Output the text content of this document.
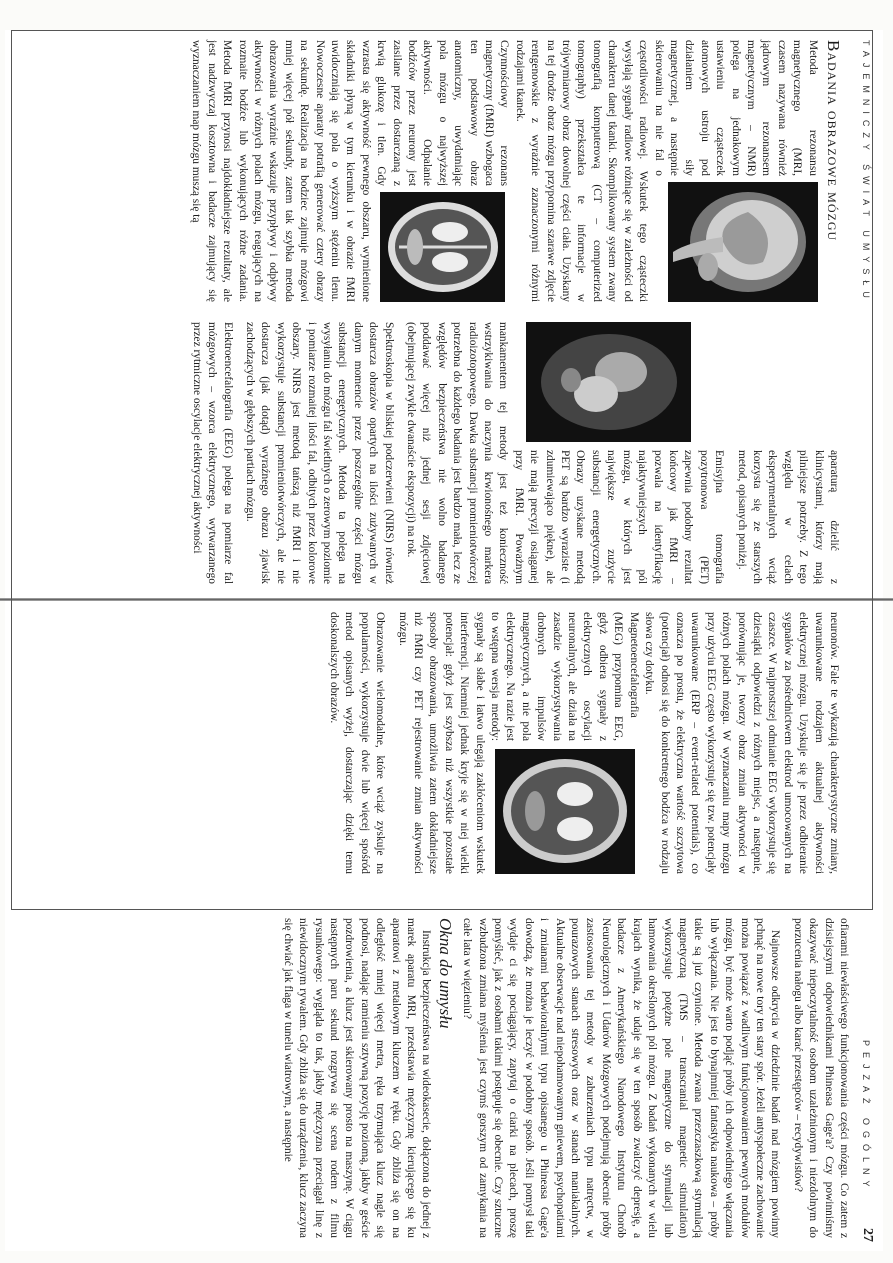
TAJEMNICZY ŚWIAT UMYSŁU
PEJZAŻ OGÓLNY
27
Badania obrazowe mózgu

Metoda rezonansu magnetycznego (MRI, czasem nazywana również jądrowym rezonansem magnetycznym – NMR) polega na jednakowym ustawieniu cząsteczek atomowych ustroju pod działaniem siły magnetycznej, a następnie skierowaniu na nie fal o częstotliwości radiowej. Wskutek tego cząsteczki wysyłają sygnały radiowe różniące się w zależności od charakteru danej tkanki. Skomplikowany system zwany tomografią komputerową (CT – computerized tomography) przekształca te informacje w trójwymiarowy obraz dowolnej części ciała. Uzyskany na tej drodze obraz mózgu przypomina szarawe zdjęcie rentgenowskie z wyraźnie zaznaczonymi różnymi rodzajami tkanek.

Czynnościowy rezonans magnetyczny (fMRI) wzbogaca ten podstawowy obraz anatomiczny, uwydatniając pola mózgu o najwyższej aktywności. Odpalanie bodźców przez neurony jest zasilane przez dostarczaną z krwią glukozę i tlen. Gdy wzrasta się aktywność pewnego obszaru, wymienione składniki płyną w tym kierunku i w obrazie fMRI uwidoczniają się pola o wyższym stężeniu tlenu. Nowoczesne aparaty potrafią generować cztery obrazy na sekundę. Realizacja na bodziec zajmuje mózgowi mniej więcej pół sekundy, zatem tak szybka metoda obrazowania wyraźnie wskazuje przypływy i odpływy aktywności w różnych polach mózgu, reagujących na rozmaite bodźce lub wykonujących różne zadania. Metoda fMRI przynosi najdokładniejsze rezultaty, ale jest nadzwyczaj kosztowna i badacze zajmujący się wyznaczaniem map mózgu muszą się tą

aparaturą dzielić z klinicystami, którzy mają pilniejsze potrzeby. Z tego względu w celach eksperymentalnych wciąż korzysta się ze starszych metod, opisanych poniżej.

Emisyjna tomografia pozytronowa (PET) zapewnia podobny rezultat końcowy jak fMRI – pozwala na identyfikację najaktywniejszych pól mózgu, w których jest największe zużycie substancji energetycznych. Obrazy uzyskane metodą PET są bardzo wyraziste (i zdumiewająco piękne), ale nie mają precyzji osiąganej przy fMRI. Poważnym mankamentem tej metody jest też konieczność wstrzykiwania do naczynia krwionośnego markera radioizotopowego. Dawka substancji promieniotwórczej potrzebna do każdego badania jest bardzo mała, lecz ze względów bezpieczeństwa nie wolno badanego poddawać więcej niż jednej sesji zdjęciowej (obejmującej zwykle dwanaście ekspozycji) na rok.

Spektroskopia w bliskiej podczerwieni (NIRS) również dostarcza obrazów opartych na ilości zużywanych w danym momencie przez poszczególne części mózgu substancji energetycznych. Metoda ta polega na wysyłaniu do mózgu fal świetlnych o zerowym poziomie i pomiarze rozmaitej ilości fal, odbitych przez kolorowe obszary. NIRS jest metodą tańszą niż fMRI i nie wykorzystuje substancji promieniotwórczych, ale nie dostarcza (jak dotąd) wyraźnego obrazu zjawisk zachodzących w głębszych partiach mózgu.

Elektroencefalografia (EEG) polega na pomiarze fal mózgowych – wzorca elektrycznego, wytwarzanego przez rytmiczne oscylacje elektrycznej aktywności

neuronów. Fale te wykazują charakterystyczne zmiany, uwarunkowane rodzajem aktualnej aktywności elektrycznej mózgu. Uzyskuje się je przez odbieranie sygnałów za pośrednictwem elektrod umocowanych na czaszce. W najprostszej odmianie EEG wykorzystuje się dziesiątki odpowiedzi z różnych miejsc, a następnie, porównując je, tworzy obraz zmian aktywności w różnych polach mózgu. W wyznaczaniu mapy mózgu przy użyciu EEG często wykorzystuje się tzw. potencjały uwarunkowane (ERP – event-related potentials), co oznacza po prostu, że elektryczna wartość szczytowa (potencjał) odnosi się do konkretnego bodźca w rodzaju słowa czy dotyku.

Magnetoencefalografia (MEG) przypomina EEG, gdyż odbiera sygnały z elektrycznych oscylacji neuronalnych, ale działa na zasadzie wykorzystywania drobnych impulsów magnetycznych, a nie pola elektrycznego. Na razie jest to wstępna wersja metody: sygnały są słabe i łatwo ulegają zakłóceniom wskutek interferencji. Niemniej jednak kryje się w niej wielki potencjał: gdyż jest szybsza niż wszystkie pozostałe sposoby obrazowania, umożliwia zatem dokładniejsze niż fMRI czy PET rejestrowanie zmian aktywności mózgu.

Obrazowanie wielomodalne, które wciąż zyskuje na popularności, wykorzystuje dwie lub więcej spośród metod opisanych wyżej, dostarczając dzięki temu doskonalszych obrazów.

ofiarami niewłaściwego funkcjonowania części mózgu. Co zatem z dzisiejszymi odpowiednikami Phineasa Gage'a? Czy powinniśmy okazywać niepoczytalność osobom uzależnionym i niezdolnym do porzucenia nałogu albo karać przestępców – recydywistów?

Najnowsze odkrycia w dziedzinie badań nad mózgiem powinny pchnąć na nowe tory ten stary spór. Jeżeli antyspołeczne zachowanie można powiązać z wadliwym funkcjonowaniem pewnych modułów mózgu, być może warto podjąć próby ich odpowiedniego włączania lub wyłączania. Nie jest to bynajmniej fantastyka naukowa – próby takie są już czynione. Metoda zwana przezczaszkową stymulacją magnetyczną (TMS – transcranial magnetic stimulation) wykorzystuje potężne pole magnetyczne do stymulacji lub hamowania określonych pól mózgu. Z badań wykonanych w wielu krajach wynika, że udaje się w ten sposób zwalczyć depresję, a badacze z Amerykańskiego Narodowego Instytutu Chorób Neurologicznych i Udarów Mózgowych podejmują obecnie próby zastosowania tej metody w zaburzeniach typu natręctw, w pourazowych stanach stresowych oraz w stanach maniakalnych. Aktualne obserwacje nad niepohamowanym gniewem, psychopatiami i zmianami behawioralnymi typu opisanego u Phineasa Gage'a dowodzą, że można je leczyć w podobny sposób. Jeśli pomysł taki wydaje ci się pociągający, zapytaj o ciarki na plecach, proszę pomyśleć, jak z osobami takimi postępuje się obecnie. Czy sztuczne wzbudzona zmiana myślenia jest czymś gorszym od zamykania na całe lata w więzieniu?

Okna do umysłu

Instrukcja bezpieczeństwa na wideokasecie, dołączona do jednej z marek aparatu MRI, przedstawia mężczyznę kierującego się ku aparatowi z metalowym kluczem w ręku. Gdy zbliża się on na odległość mniej więcej metra, ręka trzymająca klucz nagle się podnosi, nadając ramieniu sztywną pozycję poziomą, jakby w geście pozdrowienia, a klucz jest skierowany prosto na maszynę. W ciągu następnych paru sekund rozgrywa się scena rodem z filmu rysunkowego: wygląda to tak, jakby mężczyzna przeciągał linę z niewidocznym rywalem. Gdy zbliża się do urządzenia, klucz zaczyna się chwiać jak flaga w tunelu wiatrowym, a następnie
